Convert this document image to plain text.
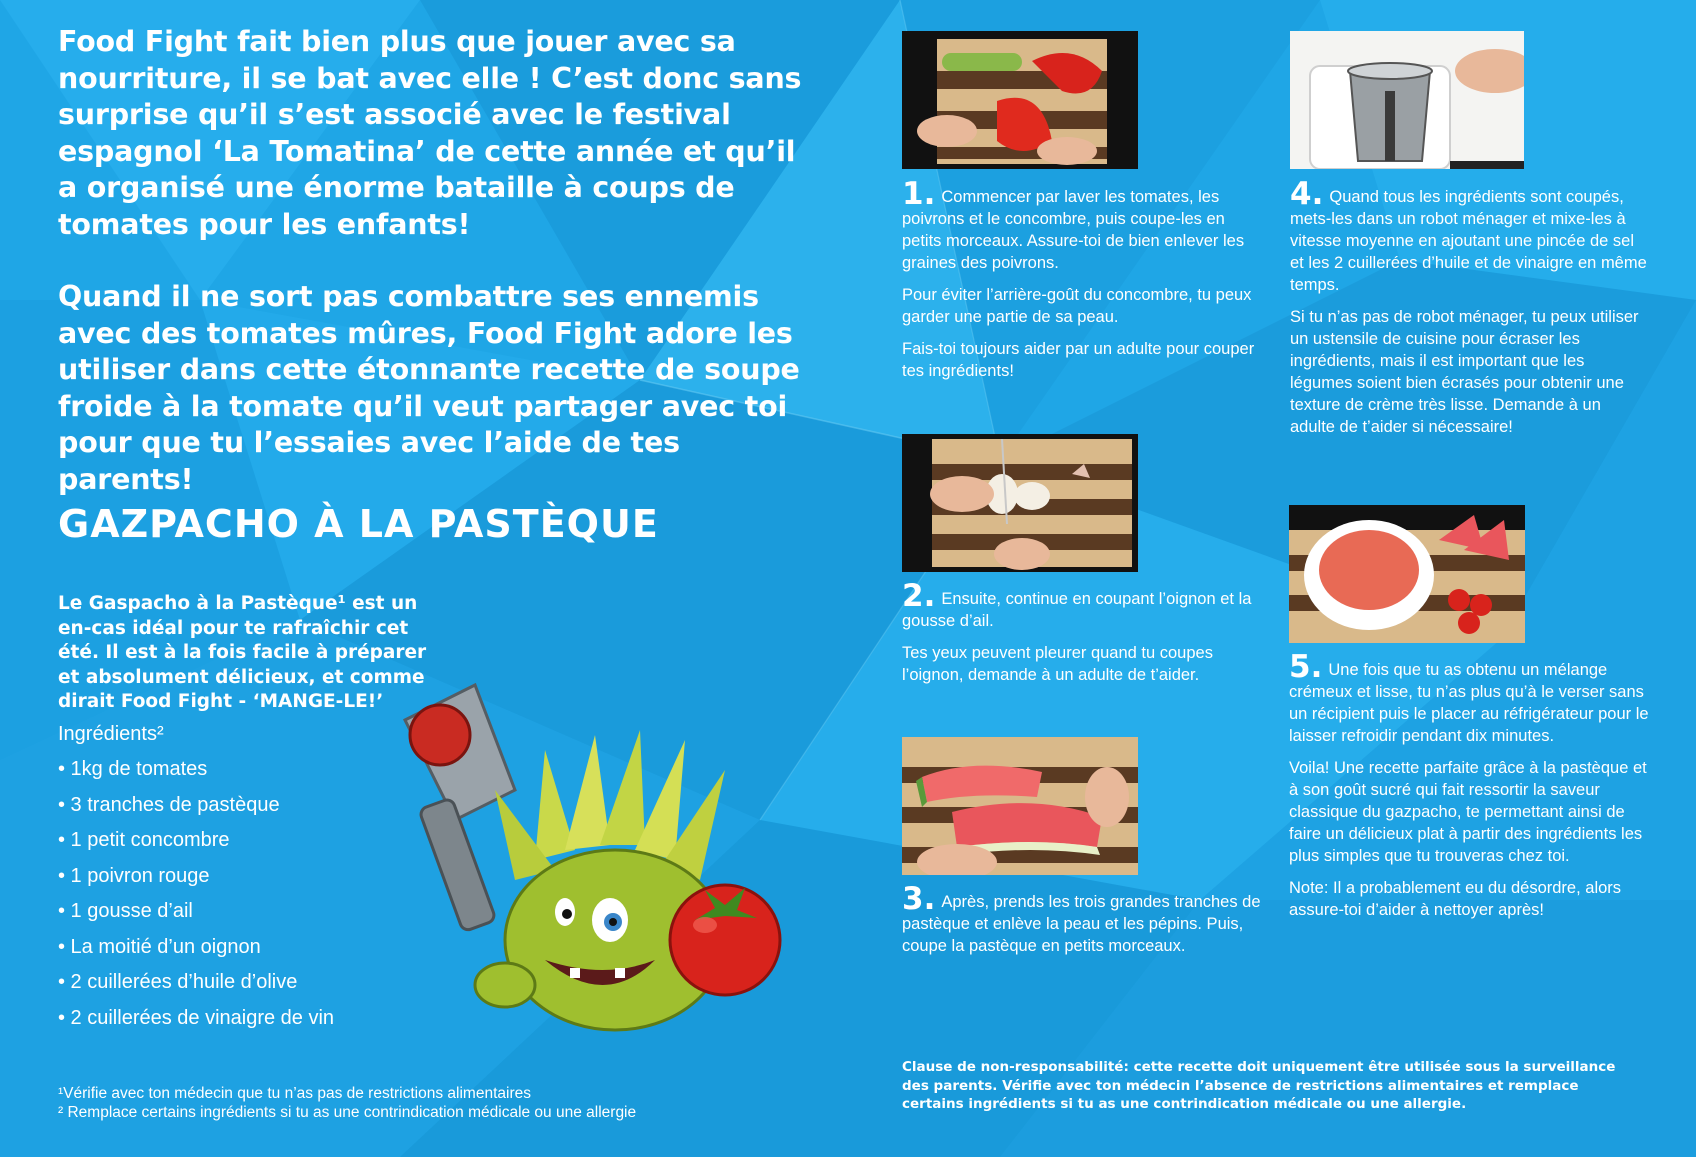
Food Fight fait bien plus que jouer avec sa nourriture, il se bat avec elle ! C’est donc sans surprise qu’il s’est associé avec le festival espagnol ‘La Tomatina’ de cette année et qu’il a organisé une énorme bataille à coups de tomates pour les enfants!

Quand il ne sort pas combattre ses ennemis avec des tomates mûres, Food Fight adore les utiliser dans cette étonnante recette de soupe froide à la tomate qu’il veut partager avec toi pour que tu l’essaies avec l’aide de tes parents!

GAZPACHO À LA PASTÈQUE

Le Gaspacho à la Pastèque¹ est un en-cas idéal pour te rafraîchir cet été. Il est à la fois facile à préparer et absolument délicieux, et comme dirait Food Fight - ‘MANGE-LE!’

Ingrédients²
• 1kg de tomates
• 3 tranches de pastèque
• 1 petit concombre
• 1 poivron rouge
• 1 gousse d’ail
• La moitié d’un oignon
• 2 cuillerées d’huile d’olive
• 2 cuillerées de vinaigre de vin
¹Vérifie avec ton médecin que tu n’as pas de restrictions alimentaires
² Remplace certains ingrédients si tu as une contrindication médicale ou une allergie

1. Commencer par laver les tomates, les poivrons et le concombre, puis coupe-les en petits morceaux. Assure-toi de bien enlever les graines des poivrons.

Pour éviter l’arrière-goût du concombre, tu peux garder une partie de sa peau.

Fais-toi toujours aider par un adulte pour couper tes ingrédients!

2. Ensuite, continue en coupant l’oignon et la gousse d’ail.

Tes yeux peuvent pleurer quand tu coupes l’oignon, demande à un adulte de t’aider.

3. Après, prends les trois grandes tranches de pastèque et enlève la peau et les pépins. Puis, coupe la pastèque en petits morceaux.

4. Quand tous les ingrédients sont coupés, mets-les dans un robot ménager et mixe-les à vitesse moyenne en ajoutant une pincée de sel et les 2 cuillerées d’huile et de vinaigre en même temps.

Si tu n’as pas de robot ménager, tu peux utiliser un ustensile de cuisine pour écraser les ingrédients, mais il est important que les légumes soient bien écrasés pour obtenir une texture de crème très lisse. Demande à un adulte de t’aider si nécessaire!

5. Une fois que tu as obtenu un mélange crémeux et lisse, tu n’as plus qu’à le verser sans un récipient puis le placer au réfrigérateur pour le laisser refroidir pendant dix minutes.

Voila! Une recette parfaite grâce à la pastèque et à son goût sucré qui fait ressortir la saveur classique du gazpacho, te permettant ainsi de faire un délicieux plat à partir des ingrédients les plus simples que tu trouveras chez toi.

Note: Il a probablement eu du désordre, alors assure-toi d’aider à nettoyer après!

Clause de non-responsabilité: cette recette doit uniquement être utilisée sous la surveillance des parents. Vérifie avec ton médecin l’absence de restrictions alimentaires et remplace certains ingrédients si tu as une contrindication médicale ou une allergie.
